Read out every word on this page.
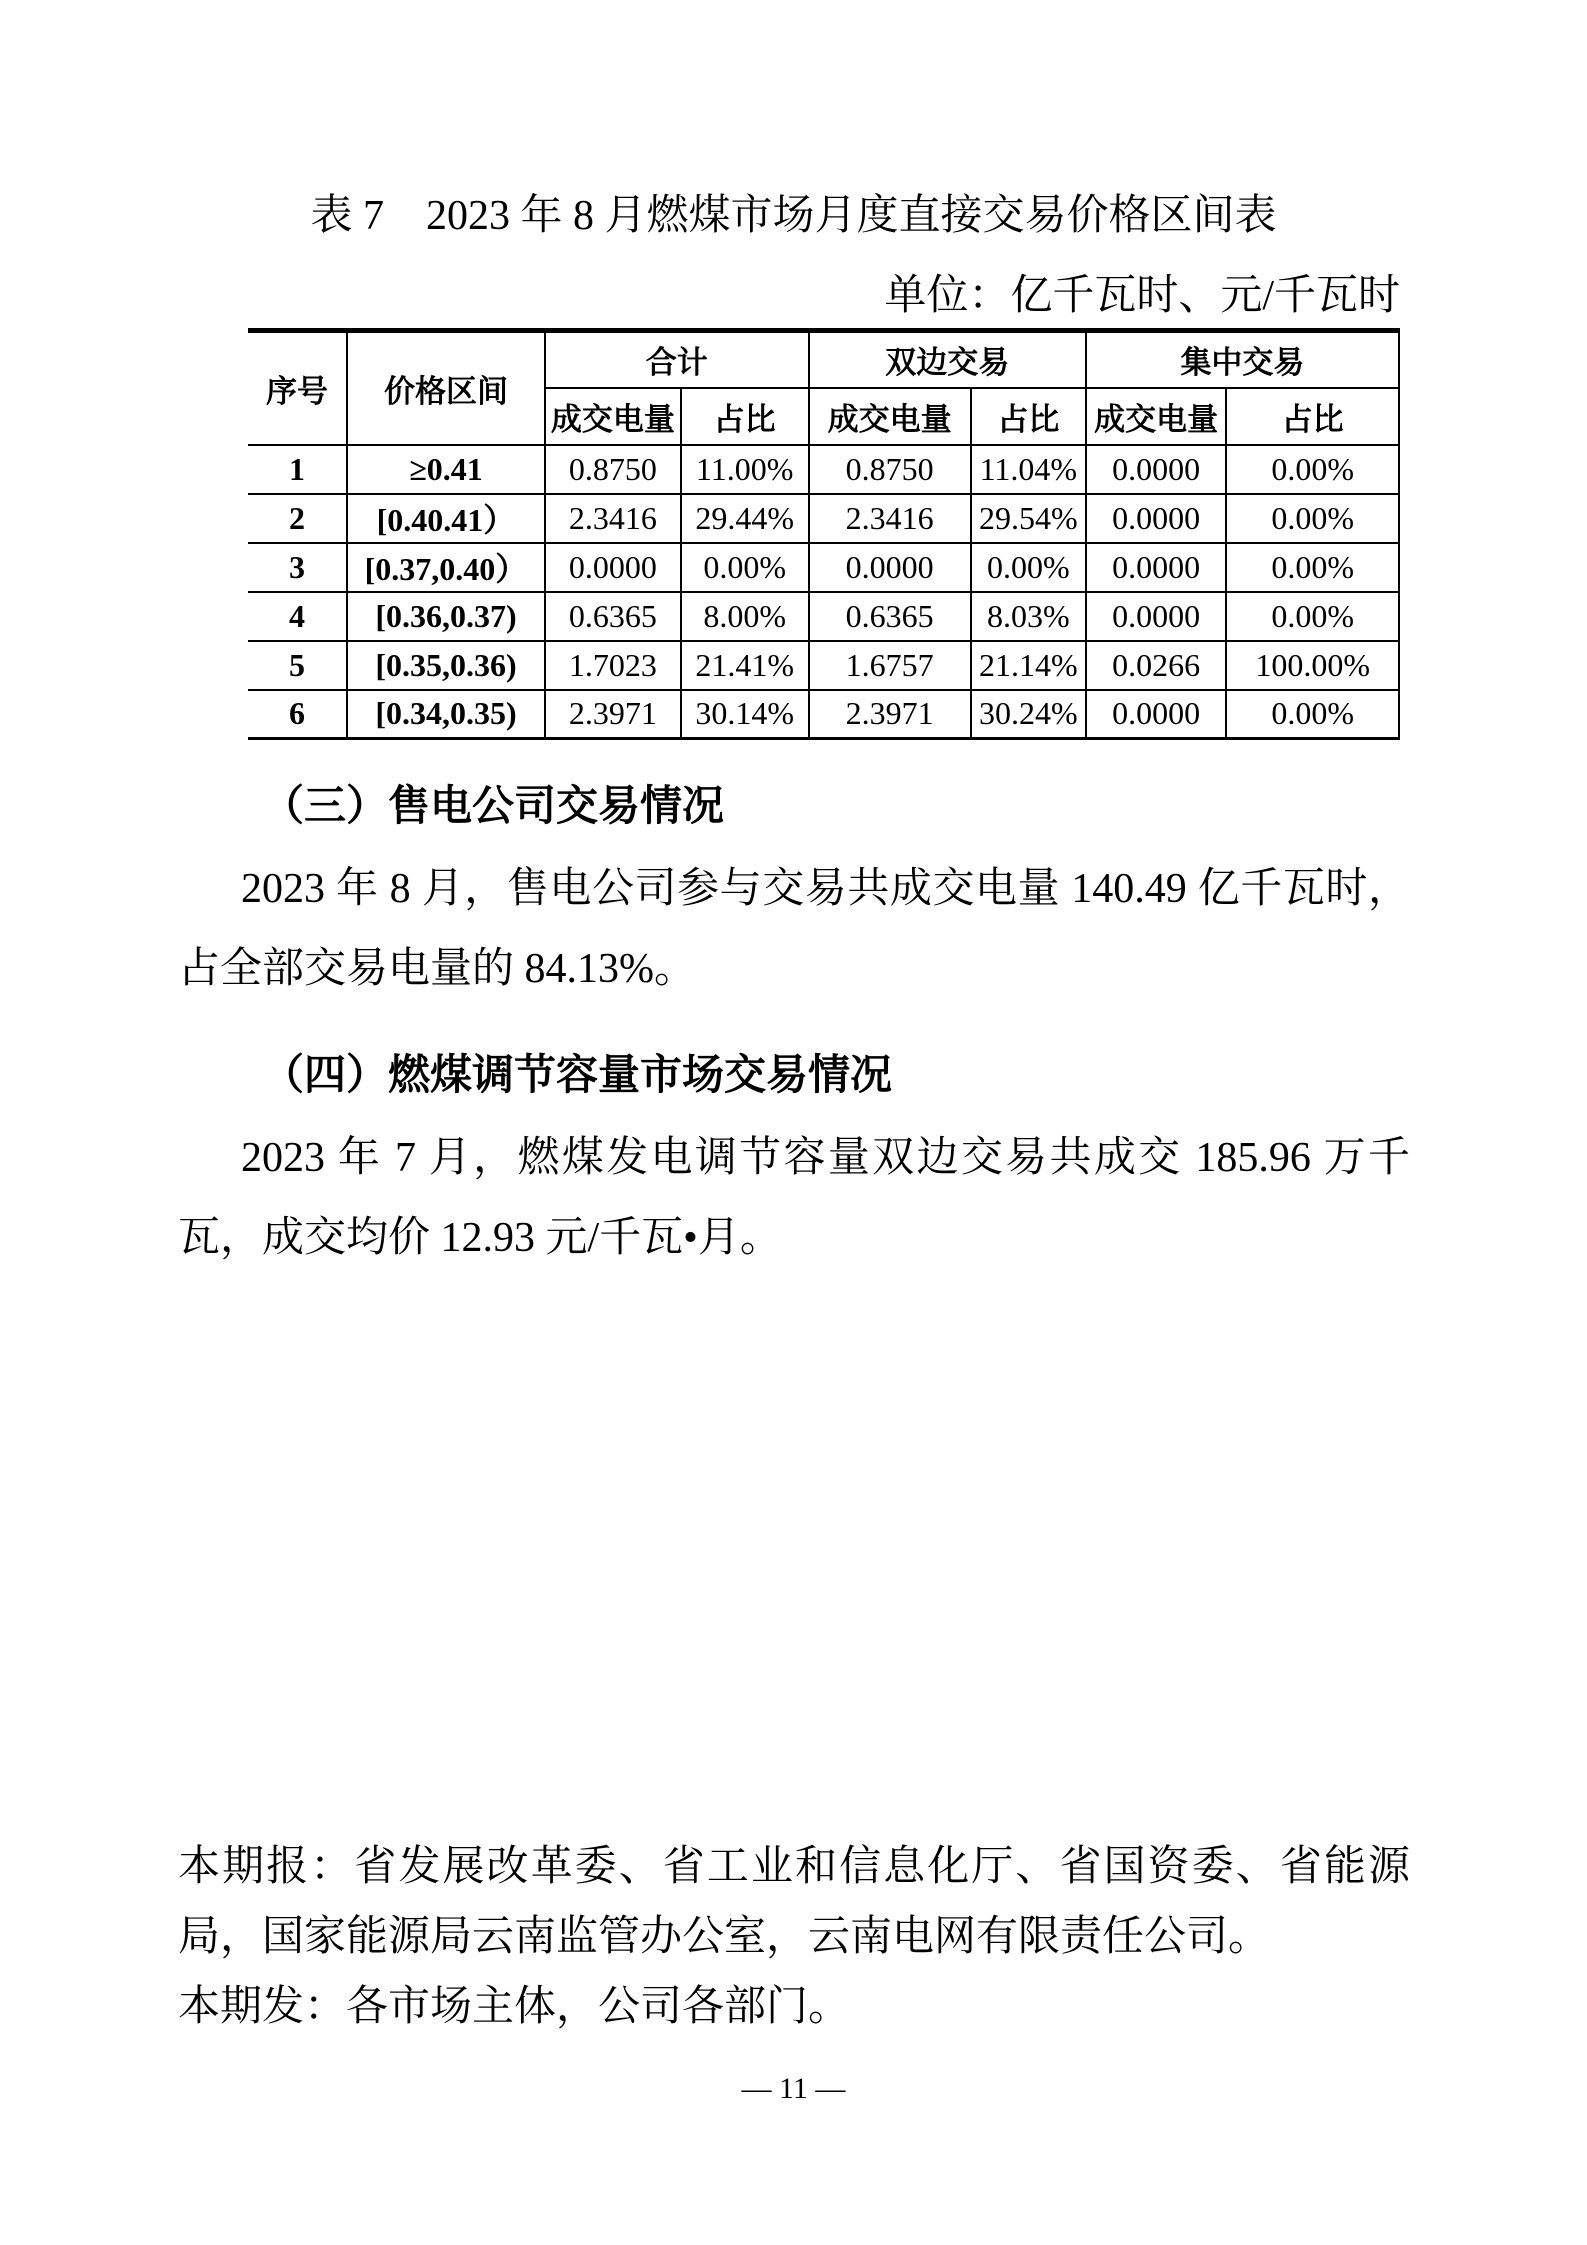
表 7　2023 年 8 月燃煤市场月度直接交易价格区间表
单位：亿千瓦时、元/千瓦时
序号	价格区间	合计		双边交易		集中交易	
		成交电量	占比	成交电量	占比	成交电量	占比
1	≥0.41	0.8750	11.00%	0.8750	11.04%	0.0000	0.00%
2	[0.40.41）	2.3416	29.44%	2.3416	29.54%	0.0000	0.00%
3	[0.37,0.40）	0.0000	0.00%	0.0000	0.00%	0.0000	0.00%
4	[0.36,0.37)	0.6365	8.00%	0.6365	8.03%	0.0000	0.00%
5	[0.35,0.36)	1.7023	21.41%	1.6757	21.14%	0.0266	100.00%
6	[0.34,0.35)	2.3971	30.14%	2.3971	30.24%	0.0000	0.00%
（三）售电公司交易情况

2023 年 8 月，售电公司参与交易共成交电量 140.49 亿千瓦时，占全部交易电量的 84.13%。

（四）燃煤调节容量市场交易情况

2023 年 7 月，燃煤发电调节容量双边交易共成交 185.96 万千瓦，成交均价 12.93 元/千瓦•月。

本期报：省发展改革委、省工业和信息化厅、省国资委、省能源局，国家能源局云南监管办公室，云南电网有限责任公司。

本期发：各市场主体，公司各部门。

— 11 —
